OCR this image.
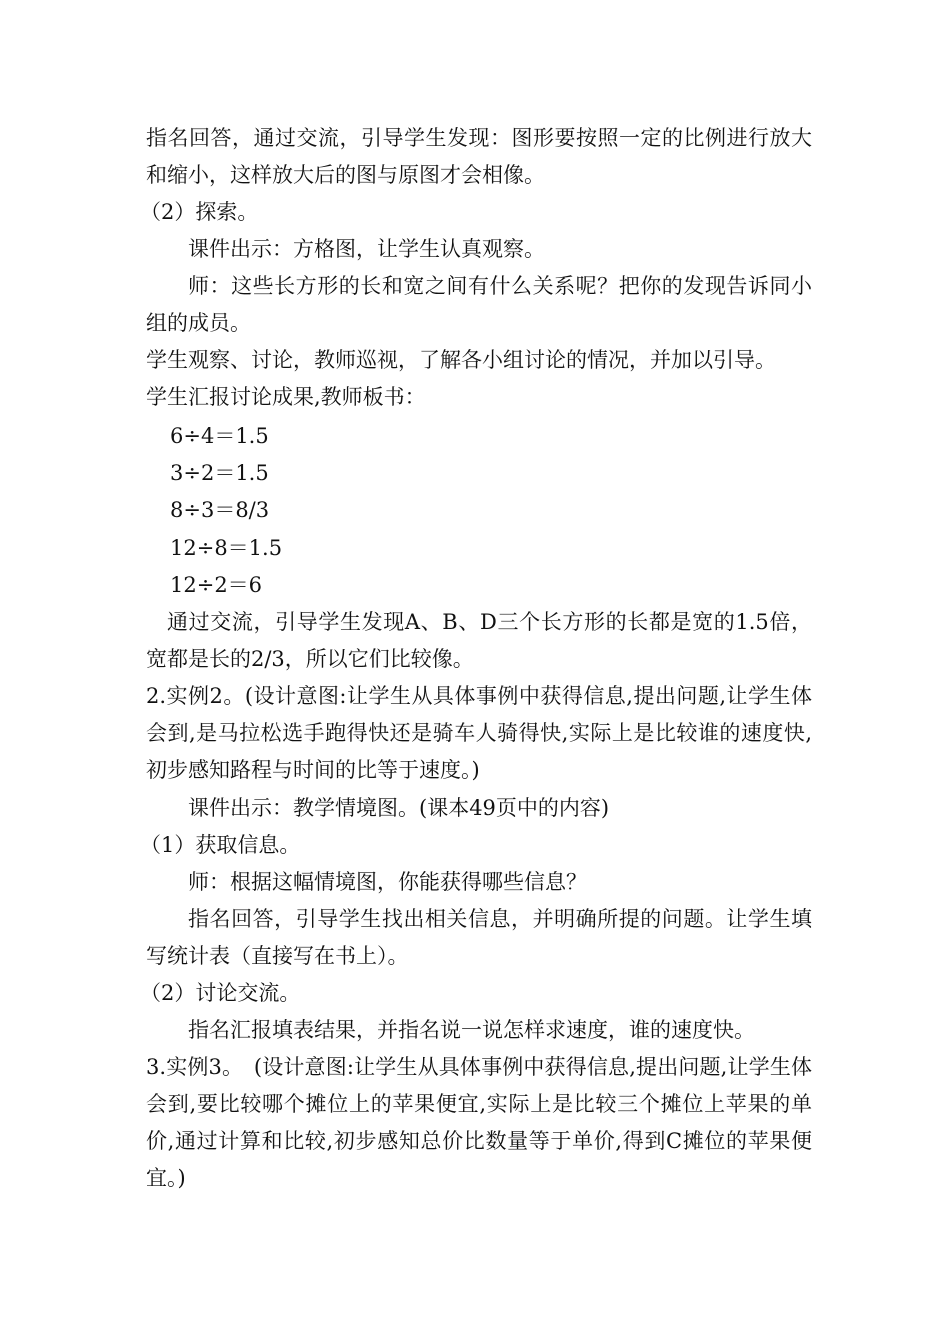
指名回答，通过交流，引导学生发现：图形要按照一定的比例进行放大和缩小，这样放大后的图与原图才会相像。

（2）探索。

课件出示：方格图，让学生认真观察。

师：这些长方形的长和宽之间有什么关系呢？把你的发现告诉同小组的成员。

学生观察、讨论，教师巡视，了解各小组讨论的情况，并加以引导。

学生汇报讨论成果,教师板书：

6÷4＝1.5

3÷2＝1.5

8÷3＝8/3

12÷8＝1.5

12÷2＝6

通过交流，引导学生发现A、B、D三个长方形的长都是宽的1.5倍，宽都是长的2/3，所以它们比较像。

2.实例2。(设计意图:让学生从具体事例中获得信息,提出问题,让学生体会到,是马拉松选手跑得快还是骑车人骑得快,实际上是比较谁的速度快,初步感知路程与时间的比等于速度。)

课件出示：教学情境图。(课本49页中的内容)

（1）获取信息。

师：根据这幅情境图，你能获得哪些信息？

指名回答，引导学生找出相关信息，并明确所提的问题。让学生填写统计表（直接写在书上）。

（2）讨论交流。

指名汇报填表结果，并指名说一说怎样求速度，谁的速度快。

3.实例3。　(设计意图:让学生从具体事例中获得信息,提出问题,让学生体会到,要比较哪个摊位上的苹果便宜,实际上是比较三个摊位上苹果的单价,通过计算和比较,初步感知总价比数量等于单价,得到C摊位的苹果便宜。)
